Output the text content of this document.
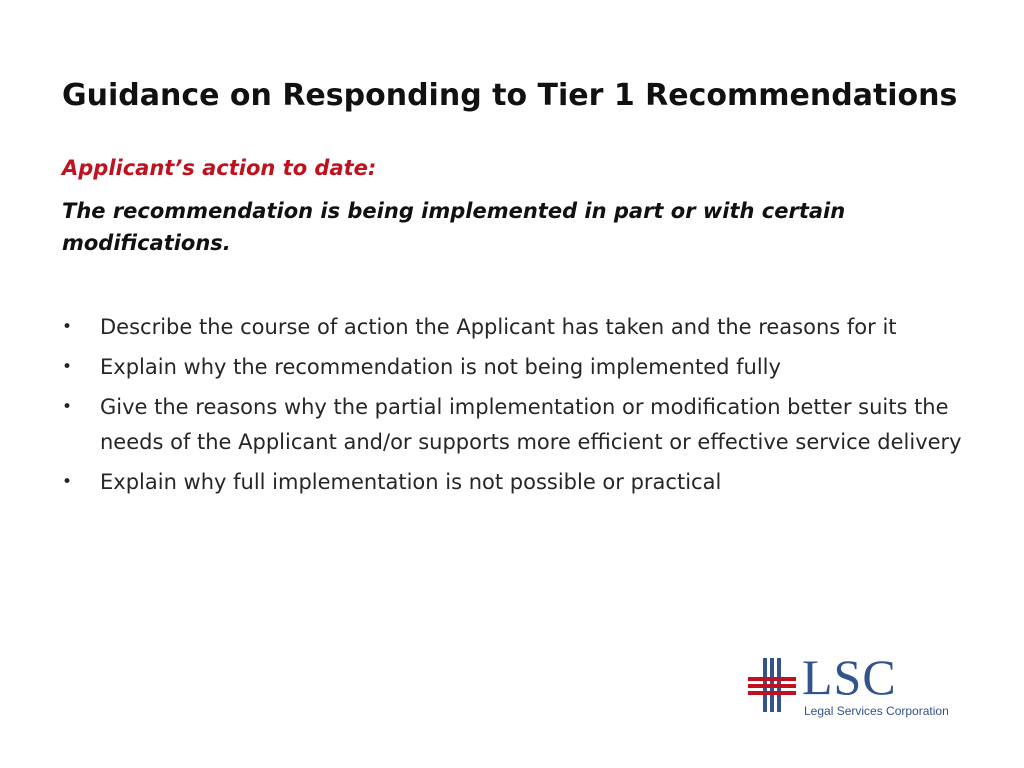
Guidance on Responding to Tier 1 Recommendations

Applicant’s action to date:

The recommendation is being implemented in part or with certain modifications.

• Describe the course of action the Applicant has taken and the reasons for it
• Explain why the recommendation is not being implemented fully
• Give the reasons why the partial implementation or modification better suits the needs of the Applicant and/or supports more efficient or effective service delivery
• Explain why full implementation is not possible or practical
LSC
Legal Services Corporation
